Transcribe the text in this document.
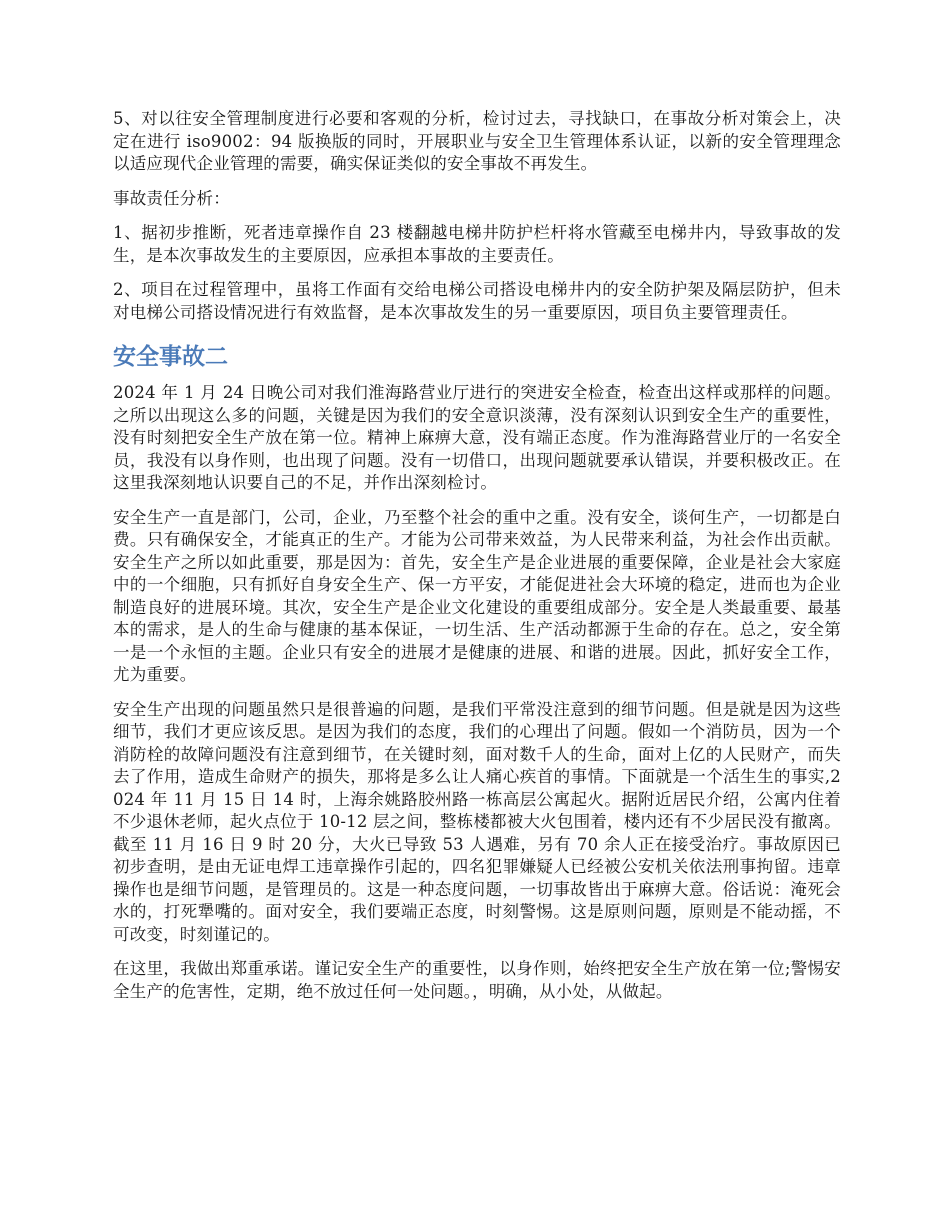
5、对以往安全管理制度进行必要和客观的分析，检讨过去，寻找缺口，在事故分析对策会上，决定在进行 iso9002：94 版换版的同时，开展职业与安全卫生管理体系认证，以新的安全管理理念以适应现代企业管理的需要，确实保证类似的安全事故不再发生。

事故责任分析：

1、据初步推断，死者违章操作自 23 楼翻越电梯井防护栏杆将水管藏至电梯井内，导致事故的发生，是本次事故发生的主要原因，应承担本事故的主要责任。

2、项目在过程管理中，虽将工作面有交给电梯公司搭设电梯井内的安全防护架及隔层防护，但未对电梯公司搭设情况进行有效监督，是本次事故发生的另一重要原因，项目负主要管理责任。

安全事故二

2024 年 1 月 24 日晚公司对我们淮海路营业厅进行的突进安全检查，检查出这样或那样的问题。之所以出现这么多的问题，关键是因为我们的安全意识淡薄，没有深刻认识到安全生产的重要性，没有时刻把安全生产放在第一位。精神上麻痹大意，没有端正态度。作为淮海路营业厅的一名安全员，我没有以身作则，也出现了问题。没有一切借口，出现问题就要承认错误，并要积极改正。在这里我深刻地认识要自己的不足，并作出深刻检讨。

安全生产一直是部门，公司，企业，乃至整个社会的重中之重。没有安全，谈何生产，一切都是白费。只有确保安全，才能真正的生产。才能为公司带来效益，为人民带来利益，为社会作出贡献。安全生产之所以如此重要，那是因为：首先，安全生产是企业进展的重要保障，企业是社会大家庭中的一个细胞，只有抓好自身安全生产、保一方平安，才能促进社会大环境的稳定，进而也为企业制造良好的进展环境。其次，安全生产是企业文化建设的重要组成部分。安全是人类最重要、最基本的需求，是人的生命与健康的基本保证，一切生活、生产活动都源于生命的存在。总之，安全第一是一个永恒的主题。企业只有安全的进展才是健康的进展、和谐的进展。因此，抓好安全工作，尤为重要。

安全生产出现的问题虽然只是很普遍的问题，是我们平常没注意到的细节问题。但是就是因为这些细节，我们才更应该反思。是因为我们的态度，我们的心理出了问题。假如一个消防员，因为一个消防栓的故障问题没有注意到细节，在关键时刻，面对数千人的生命，面对上亿的人民财产，而失去了作用，造成生命财产的损失，那将是多么让人痛心疾首的事情。下面就是一个活生生的事实,2024 年 11 月 15 日 14 时，上海余姚路胶州路一栋高层公寓起火。据附近居民介绍，公寓内住着不少退休老师，起火点位于 10-12 层之间，整栋楼都被大火包围着，楼内还有不少居民没有撤离。截至 11 月 16 日 9 时 20 分，大火已导致 53 人遇难，另有 70 余人正在接受治疗。事故原因已初步查明，是由无证电焊工违章操作引起的，四名犯罪嫌疑人已经被公安机关依法刑事拘留。违章操作也是细节问题，是管理员的。这是一种态度问题，一切事故皆出于麻痹大意。俗话说：淹死会水的，打死犟嘴的。面对安全，我们要端正态度，时刻警惕。这是原则问题，原则是不能动摇，不可改变，时刻谨记的。

在这里，我做出郑重承诺。谨记安全生产的重要性，以身作则，始终把安全生产放在第一位;警惕安全生产的危害性，定期，绝不放过任何一处问题。，明确，从小处，从做起。
